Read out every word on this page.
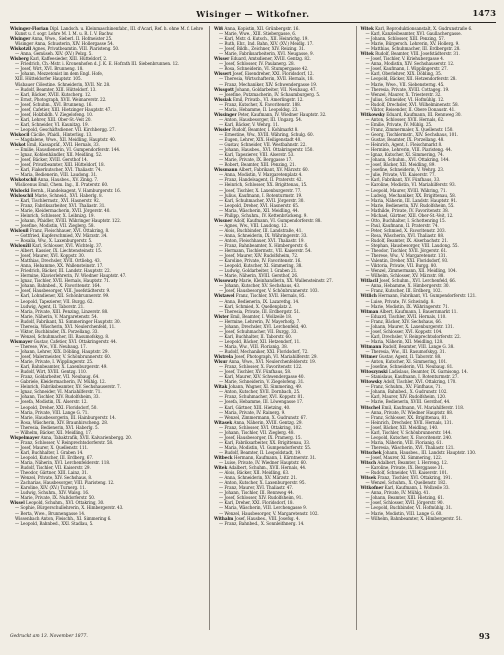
Wisinger — Witkofner.	1473
Wisinger-Florian Dipl. Landsch. u. Kleinmaschinenfabr., III. d'Acarl, Ref. h. ohne M. f. Lehre
Kunst u. f. sogr. Lehre M. I. M. u. R. I. V. Bachw.
Wisinger Anna, Wwe., Sieberl. II. Hofmeister 25.
Wisinger Anna, Schusterin, XIV. Hollergasse 54.
Wiskotzil Agnes, Privatbeamtin. VIII. Piaristeng. 50.
— Anna, Gemüseh. XIV. (XV.) Pelzg. 5.
Wisberg Karl, Kaffeesieder, XIII. Hütteldorf, 2.
— Friedrich, Ch.-Mstr. i. Kronenhofen d. J. K. E. Hofrath III. Siebenbrunnen. 12.
— Josef, Wirt, XVI. Brunneng. 18.
— Johann, Mezzetonist im dem Engl. Hofe,
XIII. Hütteldorfer Hauptstr. 105.
Wisbauer Cölestine. Schneiderin, XVII. Nr. 28.
— Rudolf, Beamter, XIII. Hütteldorf. 13.
— Karl, Bäcker, XVIII. Kutscherg. 12.
— Ernst, Photograph, XVII. Weimarerstr. 22.
— Josef, Schuhm., XVI. Brunneng. 16.
— Josef, Cafetier, XIII. Hietzinger Hauptstr. 47.
— Josef, Holzbildh. V. Ziegelofeng. 10.
— Karl, Lehrer, XIII. Ober-St.-Veit 20.
— Karl, Schneider, VI. Kaunitzg. 19.
— Leopold, Geschäftsdiener. VII. Kirchbergg. 27.
Wiskocil Cäcilie, Pfaidl., Hinterlisg. 13.
— Magdalene, Wwe., XII. Meidling, Hauptstr. 40.
Wiskot Emil, Kassapräf., XVII. Hernals, 33.
— Emilie, Hausdienerin, VI. Gumpendorferstr. 144.
— Ignaz, Kohlenhändler, XII. Meidling, 52.
— Josef, Bäcker, XVIII. Gersthof 14.
— Josef, Privatbeamter, XIII. Hütteldorf, 18.
— Karl, Fiakerkutscher, XVI. Thaliastr. 74.
— Maria, Bedienerin, VIII. Laudong. 31.
Wiskotschil Anna, Hausbes., XV. Zinkg. 7.
Wislicenus Emil, Chem. Ing., II. Praterstr. 60.
Wislocki Bernh., Handelsagent, V. Hamburgerstr. 16.
Wisloschil Marie, Schneid., XVI. Haberlg. 8.
— Karl, Tischlermstr., XVI. Hasnerstr. 92.
— Franz, Fabriksarbeiter, XVI. Thaliastr. 31.
— Marie, Kleidermacherin, XVII. Jörgerstr. 40.
— Heinrich, Schlosser, X. Leibnizg. 19.
— Johann, Pfaidler, XVIII. Währinger Hauptstr. 122.
— Josefine, Modistin, VII. Zieglerg. 58.
Wislouil Franz, Fleischhauer, XVI. Ottakring, 8.
— Gottfried, Kupferschmied, XV. Märzstr. 34.
— Rosalia, Ww., X. Laxenburgerstr. 5.
Wisloužil Karl, Schlosser, XVI. Wichtelg. 37.
— Albert, Kassier, IX. Liechtensteinstr. 15.
— Josef, Maurer, XVI. Koppstr. 30.
— Matthias, Drechsler, XVII. Ortliebg. 43.
— Anna, Hebamme, XX. Wallensteinstr. 17.
— Friedrich, Bäcker, III. Landstr. Hauptstr. 22.
— Hermine, Klavierlehrerin, IV. Wiedner Hauptstr. 47.
— Ignaz, Tischler, XVII. Hernals, Hauptstr. 71.
— Johann, Bahnbed., X. Favoritenstr. 164.
— Josef, Hausbesorger, VIII. Josefstädterstr. 9.
— Karl, Lohndiener, XII. Schönbrunnerstr. 99.
— Leopold, Tapezierer, VII. Burgg. 62.
— Ludwig, Agent, II. Taborstr. 21.
— Maria, Private, XIII. Penzing, Linzerstr. 88.
— Marie, Näherin, V. Margaretenstr. 54.
— Rudolf, Fabrikant, XI. Simmeringer Hauptstr. 30.
— Theresia, Wäscherin, XVI. Neulerchenfeld, 11.
— Viktor, Buchbinder, IX. Porzellang. 33.
— Wenzel, Schuhmacher, III. Rasumofskyg. 8.
Wismayer Gustav, Cafetier, XVI. Ottakringerstr. 44.
— Therese, Ww., VII. Neubaug. 17.
— Johann, Lehrer, XIX. Döbling, Hauptstr. 29.
— Josef, Malermeister, V. Schönbrunnerstr. 60.
— Marie, Private, I. Wipplingerstr. 25.
— Karl, Bahnbeamter, X. Laxenburgerstr. 49.
— Rudolf, Wirt, XVIII. Gentzg. 110.
— Franz, Goldarbeiter, VII. Neubaug. 64.
— Gabriele, Kleidermacherin, IV. Mühlg. 12.
— Heinrich, Fabriksbeamter, XV. Sechshauserstr. 7.
— Ignaz, Schneider, VI. Mariahilferstr. 71.
— Johann, Tischler, XIV. Rudolfsheim, 33.
— Josefa, Modistin, IX. Alserstr. 12.
— Leopold, Dreher, XXI. Floridsdorf, 50.
— Maria, Private, VIII. Lange G. 71.
— Marie, Hausbesorgerin, III. Hainburgerstr. 14.
— Rosa, Wäscherin, XIV. Braunhirscheng. 28.
— Theresia, Bedienerin, XVI. Haberlg. 5.
— Wilhelm, Bäcker, XII. Meidling, 17.
Wispelmayer Anna, Tabaktrafik, XVII. Kalvarienbergg. 20.
— Franz, Schlosser, V. Reinprechtsdorferstr. 58.
— Josef, Maurer, X. Quellenstr. 111.
— Karl, Buchhalter, I. Graben 14.
— Leopold, Kutscher, III. Erdberg, 67.
— Maria, Näherin, XVI. Lerchenfelderstr. 118.
— Rudolf, Tischler, VII. Kaiserstr. 29.
— Theodor, Gärtner, XIII. Lainz, 31.
— Wenzel, Private, XIV. Sechshaus, 8.
— Zacharias, Hausbesorger, VIII. Piaristeng. 12.
— Karoline, XIV. (XV.) Turnerg. 11.
— Ludwig, Schuhm., XIV. Walsg. 16.
— Marie, Private, IX. Nußdorferstr. 50.
Wissel Leopold, Schuhm., XVI. Ottakring, 30.
— Sophie, Bürgerschullehrerin, X. Himbergerstr. 43.
— Berta, Wwe., Brunnengasse 14.
Wissenbach Anton, Fleischh., XI. Simmering 6.
— Leopold, Bahnbed., XXI. Stadlau, 5.
Wiß Anna, Kopistin, XII. Grünbergstr. 16.
— Marie, Wwe., XIII. Stiebergasse, 6.
— Karl, Mstr. d. Kutsch., XII. Heinrichg. 19.
— Ruth, Ehr., Ind. Bahn, XIV. (XV.) Meidlg. 17.
— Josef, Bildh., Zeichner, XIV. Reizing. 31.
— Marie, Fabriksarbeiterin, XVI. Neugasse, 9.
Wisser Eduard, Amtsdiener, XVIII. Gentzg. 82.
— Josef, Schlosser, IV. Paulanerg. 28.
— Rosa, Schneiderin, VI. Stumpergasse 42.
Wissert Josef, Eisendreher, XXI. Floridsdorf, 12.
— Theresia, Wirtschafterin, XVII. Hernals, 18.
— Franz, Mechaniker, XIV. Schwendergasse 19.
Wissgott Johann, Goldarbeiter, VII. Neubaug. 47.
— Josefine, Putzmacherin, IV. Schaumburgerg. 5.
Wissiak Emil, Privatb., VI. Amerlingstr. 12.
— Franz, Kutscher, X. Favoritenstr. 188.
— Maria, Hebamme, II. Leopoldsg. 23.
Wissinger Peter, Kaufmann, IV. Wiedner Hauptstr. 32.
— Anton, Hausbesorger, III. Ungarg. 54.
— Karl, Bäcker, V. Wehrg. 11.
Wissler Rudolf, Beamter, I. Kohlmarkt 8.
— Ernestine, Ww., XVIII. Währing, Schulg. 60.
— Eugen, Lehrer, XIX. Heiligenstadt 40.
— Gustav, Schneider, VII. Westbahnstr. 22.
— Johann, Hausbes., XVI. Ottakringerstr. 150.
— Karl, Tapezierer, VIII. Alserstr. 53.
— Marie, Private, IX. Berggasse 17.
— Robert, Beamter, XIII. Penzing, 21.
Wissmann Albert, Fabrikant, XV. Märzstr. 60.
— Anna, Modistin, V. Margaretenplatz 4.
— Franz, Handelsagent, II. Praterstr. 42.
— Heinrich, Schlosser, XX. Brigittenau, 15.
— Josef, Tischler, X. Laxenburgerstr. 77.
— Julius, Kaufmann, I. Rotenturmstr. 19.
— Karl, Schuhmacher, XVII. Jörgerstr. 30.
— Leopold, Dreher, XVI. Hasnerstr. 65.
— Maria, Wäscherin, XII. Meidling, 44.
— Philipp, Schuhm., IV. Kettenbrückeng. 9.
Wissner Adolf, Kaufmann, VI. Gumpendorferstr. 88.
— Agnes, Ww., VIII. Laudong. 12.
— Alois, Buchbinder, III. Landstraße, 41.
— Anna, Schneiderin, IX. Währingerstr. 33.
— Anton, Fleischhauer, XVI. Thaliastr. 19.
— Franz, Bahnbeamter, X. Himbergerstr. 6.
— Hermann, Tischlermstr., VII. Kaiserstr. 54.
— Josef, Maurer, XIV. Rudolfsheim, 72.
— Karoline, Private, IV. Favoritenstr. 16.
— Leopold, Kutscher, XI. Simmering, 38.
— Ludwig, Goldarbeiter, I. Graben 21.
— Marie, Näherin, XVIII. Gersthof, 26.
Wissowaty Marie, Kleinhandlerin, XX. Wallensteinstr. 27.
— Johann, Kutscher, XV. Sechshaus, 43.
— Josef, Hausbesorger, V. Schönbrunnerstr. 103.
Wistawel Franz, Tischler, XVII. Hernals, 85.
— Anna, Bedienerin, IX. Lazarethg. 14.
— Karl, Schmied, X. Quellenplatz 2.
— Theresia, Private, III. Erdbergstr. 51.
Wister Emil, Beamter, I. Wollzeile 18.
— Hermine, Lehrerin, IV. Mayerhofg. 7.
— Johann, Drechsler, XVI. Lerchenfeld, 40.
— Josef, Schuhmacher, VII. Burgg. 33.
— Karl, Buchhalter, II. Taborstr. 60.
— Leopold, Bäcker, XII. Hetzendorf, 11.
— Maria, Ww., VIII. Florianig. 38.
— Rudolf, Mechaniker, XXI. Floridsdorf, 72.
Wistrela Josef, Photograph, VI. Mariahilferstr. 29.
Wisur Anna, Wwe., XVI. Neulerchenfelderstr. 19.
— Franz, Schlosser, X. Favoritenstr. 122.
— Josef, Tischler, XV. Fünfhaus, 58.
— Karl, Maurer, XIV. Schwendergasse 40.
— Marie, Schneiderin, V. Ziegelofeng. 31.
Witak Johann, Wagner, XI. Simmering, 49.
— Anton, Kutscher, XVII. Dornbach, 25.
— Franz, Schuhmacher, XVI. Koppstr. 81.
— Josefa, Hebamme, III. Löwengasse 17.
— Karl, Gärtner, XIII. Hietzing, 40.
— Maria, Private, IV. Rainerg. 9.
— Wenzel, Zimmermann, X. Gudrunstr. 67.
Witasek Anna, Näherin, XVIII. Gentzg. 29.
— Franz, Schlosser, XVI. Ottakring, 102.
— Johann, Tischler, VII. Zieglerg. 48.
— Josef, Hausbesorger, IX. Pramerg. 15.
— Karl, Fabriksarbeiter, XX. Brigittenau, 33.
— Maria, Modistin, VI. Gumpendorferstr. 55.
— Rudolf, Beamter, II. Leopoldstadt, 19.
Witbeck Hermann, Kaufmann, I. Kärntnerstr. 31.
— Luise, Private, IV. Wiedner Hauptstr. 60.
Witek Adalbert, Schuhm., XVII. Hernals, 44.
— Alois, Bäcker, XII. Meidling, 63.
— Anna, Schneiderin, XV. Märzstr. 21.
— Anton, Kutscher, X. Laxenburgerstr. 95.
— Franz, Maurer, XVI. Thaliastr. 47.
— Johann, Tischler, III. Rennweg 44.
— Josef, Schlosser, XIV. Rudolfsheim, 91.
— Karl, Dreher, XXI. Floridsdorf, 18.
— Maria, Wäscherin, VIII. Lerchengasse 9.
— Wenzel, Hausbesorger, V. Margaretenstr. 102.
Withalm Josef, Hausbes., VIII. Josefsg. 4.
— Franz, Bahnbed., X. Sonnleithnerg. 14.
Witek Karl, Reproduktionsanstalt, X. Gudrunstraße 6.
— Karl, Kanzleibeamter, XVI. Gaullachergasse.
— Johann, Schlosser, XIII. Penzing, 57.
— Marie, Bürgersch. Lehrerin, XV. Hollerg. 9.
— Matthias, Schuhmacher, III. Erdbergstr. 28.
Witek Rudolf, Beamter, VIII. Josefstädterstr. 31.
— Josef, Tischler, V. Kriehubergasse 4.
— Anna, Modistin, XIV. Sechshauserstr. 12.
— Josef, Kaufmann, I. Wipplingerstr. 27.
— Karl, Oberlehrer, XIX. Döbling, 35.
— Leopold, Bäcker, XII. Hetzendorferstr. 28.
— Marie, Wwe., VII. Siebensterng. 45.
— Theresia, Private, XVIII. Cottageg. 19.
— Wenzel, Maurer, X. Triesterstr. 32.
— Julius, Schneider, VI. Hofmühlg. 12.
— Rudolf, Drechsler, XVI. Wilhelminenstr. 58.
— Viktor, Reisender, II. Obere Donaustr. 41.
Witkowsky Eduard, Kaufmann, III. Rennweg 30.
— Anton, Schlosser, XVII. Hernals, 62.
— Emilie, Private, IV. Mühlg. 25.
— Franz, Zimmermaler, X. Quellenstr. 150.
— Georg, Tischlermstr., XIV. Sechshaus, 101.
— Gustav, Beamter, IX. Porzellang. 48.
— Heinrich, Agent, I. Fleischmarkt 8.
— Hermine, Lehrerin, VIII. Piaristeng. 44.
— Ignaz, Kutscher, XI. Simmering, 74.
— Johann, Schuhm., XVI. Ottakring, 144.
— Josef, Bäcker, XII. Meidling, 89.
— Josefine, Schneiderin, V. Wehrg. 23.
— Julie, Private, VII. Kaiserstr. 77.
— Karl, Fabrikant, XV. Fünfhaus, 33.
— Karoline, Modistin, VI. Mariahilferstr. 93.
— Leopold, Maurer, XVIII. Währing, 71.
— Ludwig, Mechaniker, XX. Brigittenau, 58.
— Maria, Näherin, III. Landstr. Hauptstr. 91.
— Marie, Bedienerin, XIV. Rudolfsheim, 55.
— Mathilde, Private, IV. Favoritenstr. 38.
— Michael, Gärtner, XIII. Ober-St.-Veit, 12.
— Otto, Buchhalter, I. Schottenring 15.
— Paul, Kaufmann, II. Praterstr. 74.
— Peter, Schmied, X. Favoritenstr. 203.
— Rosa, Wäscherin, XVI. Thaliastr. 88.
— Rudolf, Beamter, IX. Alserbachstr. 21.
— Stephan, Hausbesorger, VIII. Laudong. 55.
— Theodor, Tischler, XVII. Jörgerstr. 61.
— Therese, Ww., V. Margaretenstr. 131.
— Valentin, Dreher, XXI. Floridsdorf, 93.
— Viktoria, Private, VII. Burgg. 80.
— Wenzel, Zimmermann, XII. Meidling, 104.
— Wilhelm, Schlosser, XV. Märzstr. 88.
Witlacil Josef, Schuhm., XVI. Lerchenfeld, 66.
— Anna, Hebamme, X. Himbergerstr. 30.
— Franz, Kutscher, III. Erdberg, 102.
Witlich Hermann, Fabrikant, VI. Gumpendorferstr. 121.
— Luise, Private, IV. Schwindg. 8.
— Marie, Modistin, IX. Währingerstr. 71.
Witman Albert, Kaufmann, I. Bauernmarkt 11.
— Eduard, Tischler, XVII. Hernals, 110.
— Franz, Bäcker, XIV. Sechshaus, 66.
— Johann, Maurer, X. Laxenburgerstr. 131.
— Josef, Schlosser, XVI. Koppstr. 104.
— Karl, Drechsler, V. Reinprechtsdorferstr. 22.
— Maria, Näherin, XII. Meidling, 128.
Witmann Rudolf, Beamter, VIII. Lange G. 38.
— Theresia, Ww., III. Rasumofskyg. 31.
Witmer Gustav, Agent, II. Taborstr. 88.
— Anton, Kutscher, XI. Simmering, 101.
— Josefine, Schneiderin, VII. Neubaug. 81.
Witoszynski Ladislaus, Beamter, IX. Garnisong. 14.
— Stanislaus, Kaufmann, I. Rotenturmstr. 27.
Witowsky Adolf, Tischler, XVI. Ottakring, 170.
— Franz, Schuhm., XV. Fünfhaus, 71.
— Johann, Bahnbed., X. Gudrunstr. 102.
— Karl, Maurer, XIV. Rudolfsheim, 120.
— Marie, Bedienerin, XVIII. Gersthof, 44.
Witschel Emil, Kaufmann, VI. Mariahilferstr. 118.
— Anna, Private, IV. Wiedner Hauptstr. 88.
— Franz, Schlosser, XX. Brigittenau, 81.
— Heinrich, Drechsler, XVII. Hernals, 131.
— Josef, Bäcker, XII. Meidling, 140.
— Karl, Tischler, V. Schönbrunnerstr. 144.
— Leopold, Kutscher, X. Favoritenstr. 240.
— Maria, Näherin, VIII. Florianig. 61.
— Theresia, Wäscherin, XVI. Thaliastr. 121.
Witschek Johann, Hausbes., III. Landstr. Hauptstr. 130.
— Josef, Maurer, XI. Simmering, 122.
Witsch Adalbert, Beamter, I. Herreng. 12.
— Karoline, Private, IX. Berggasse 31.
— Rudolf, Schneider, VII. Kaiserstr. 101.
Witsek Franz, Tischler, XVI. Ottakring, 191.
— Wenzel, Schuhm., X. Quellenstr. 182.
Witkofner Karl, Kaufmann, I. Wollzeile 33.
— Anna, Private, IV. Mühlg. 41.
— Johann, Beamter, XIII. Hietzing, 61.
— Josef, Schlosser, XVII. Jörgerstr. 90.
— Leopold, Buchbinder, VI. Hofmühlg. 31.
— Marie, Modistin, VIII. Lange G. 60.
— Wilhelm, Bahnbeamter, X. Himbergerstr. 51.
Gedruckt am 13. November 1877.	93
